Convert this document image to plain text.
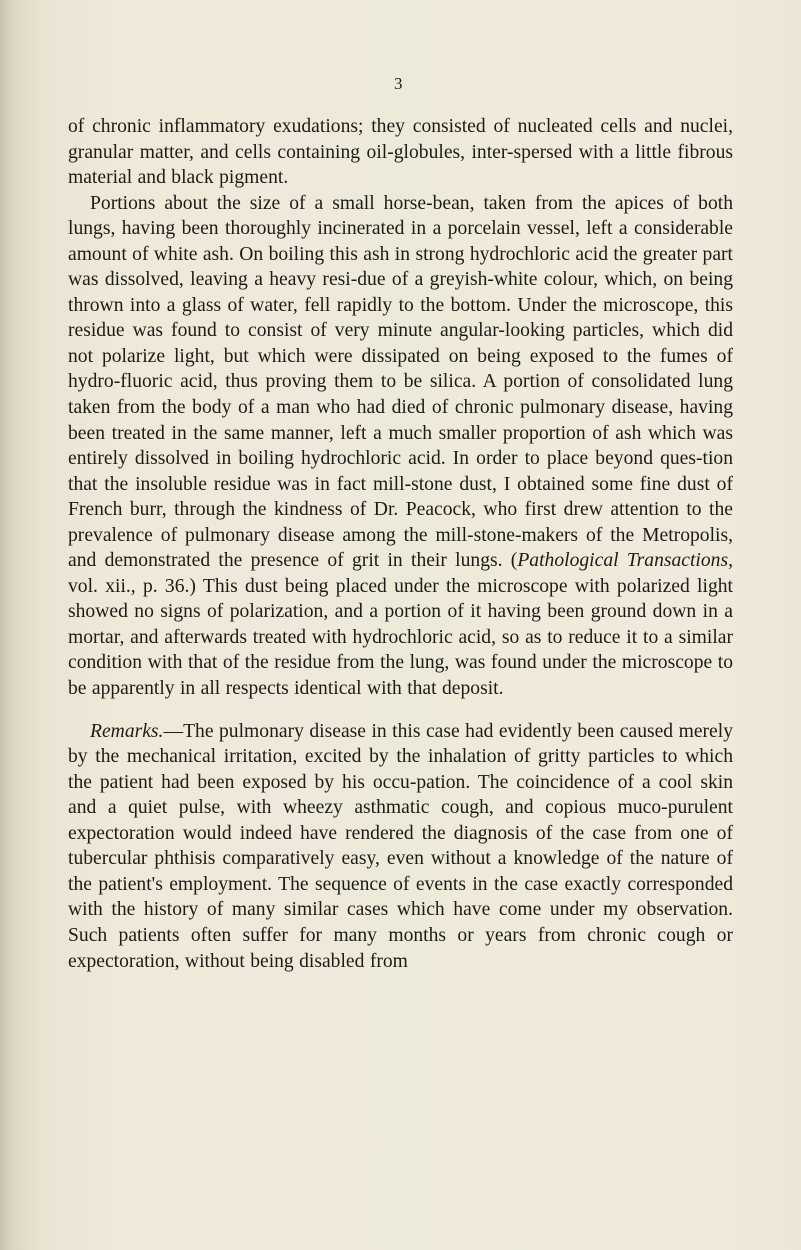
3

of chronic inflammatory exudations; they consisted of nucleated cells and nuclei, granular matter, and cells containing oil-globules, inter-spersed with a little fibrous material and black pigment.

Portions about the size of a small horse-bean, taken from the apices of both lungs, having been thoroughly incinerated in a porcelain vessel, left a considerable amount of white ash. On boiling this ash in strong hydrochloric acid the greater part was dissolved, leaving a heavy resi-due of a greyish-white colour, which, on being thrown into a glass of water, fell rapidly to the bottom. Under the microscope, this residue was found to consist of very minute angular-looking particles, which did not polarize light, but which were dissipated on being exposed to the fumes of hydro-fluoric acid, thus proving them to be silica. A portion of consolidated lung taken from the body of a man who had died of chronic pulmonary disease, having been treated in the same manner, left a much smaller proportion of ash which was entirely dissolved in boiling hydrochloric acid. In order to place beyond ques-tion that the insoluble residue was in fact mill-stone dust, I obtained some fine dust of French burr, through the kindness of Dr. Peacock, who first drew attention to the prevalence of pulmonary disease among the mill-stone-makers of the Metropolis, and demonstrated the presence of grit in their lungs. (Pathological Transactions, vol. xii., p. 36.) This dust being placed under the microscope with polarized light showed no signs of polarization, and a portion of it having been ground down in a mortar, and afterwards treated with hydrochloric acid, so as to reduce it to a similar condition with that of the residue from the lung, was found under the microscope to be apparently in all respects identical with that deposit.

Remarks.—The pulmonary disease in this case had evidently been caused merely by the mechanical irritation, excited by the inhalation of gritty particles to which the patient had been exposed by his occu-pation. The coincidence of a cool skin and a quiet pulse, with wheezy asthmatic cough, and copious muco-purulent expectoration would indeed have rendered the diagnosis of the case from one of tubercular phthisis comparatively easy, even without a knowledge of the nature of the patient's employment. The sequence of events in the case exactly corresponded with the history of many similar cases which have come under my observation. Such patients often suffer for many months or years from chronic cough or expectoration, without being disabled from
